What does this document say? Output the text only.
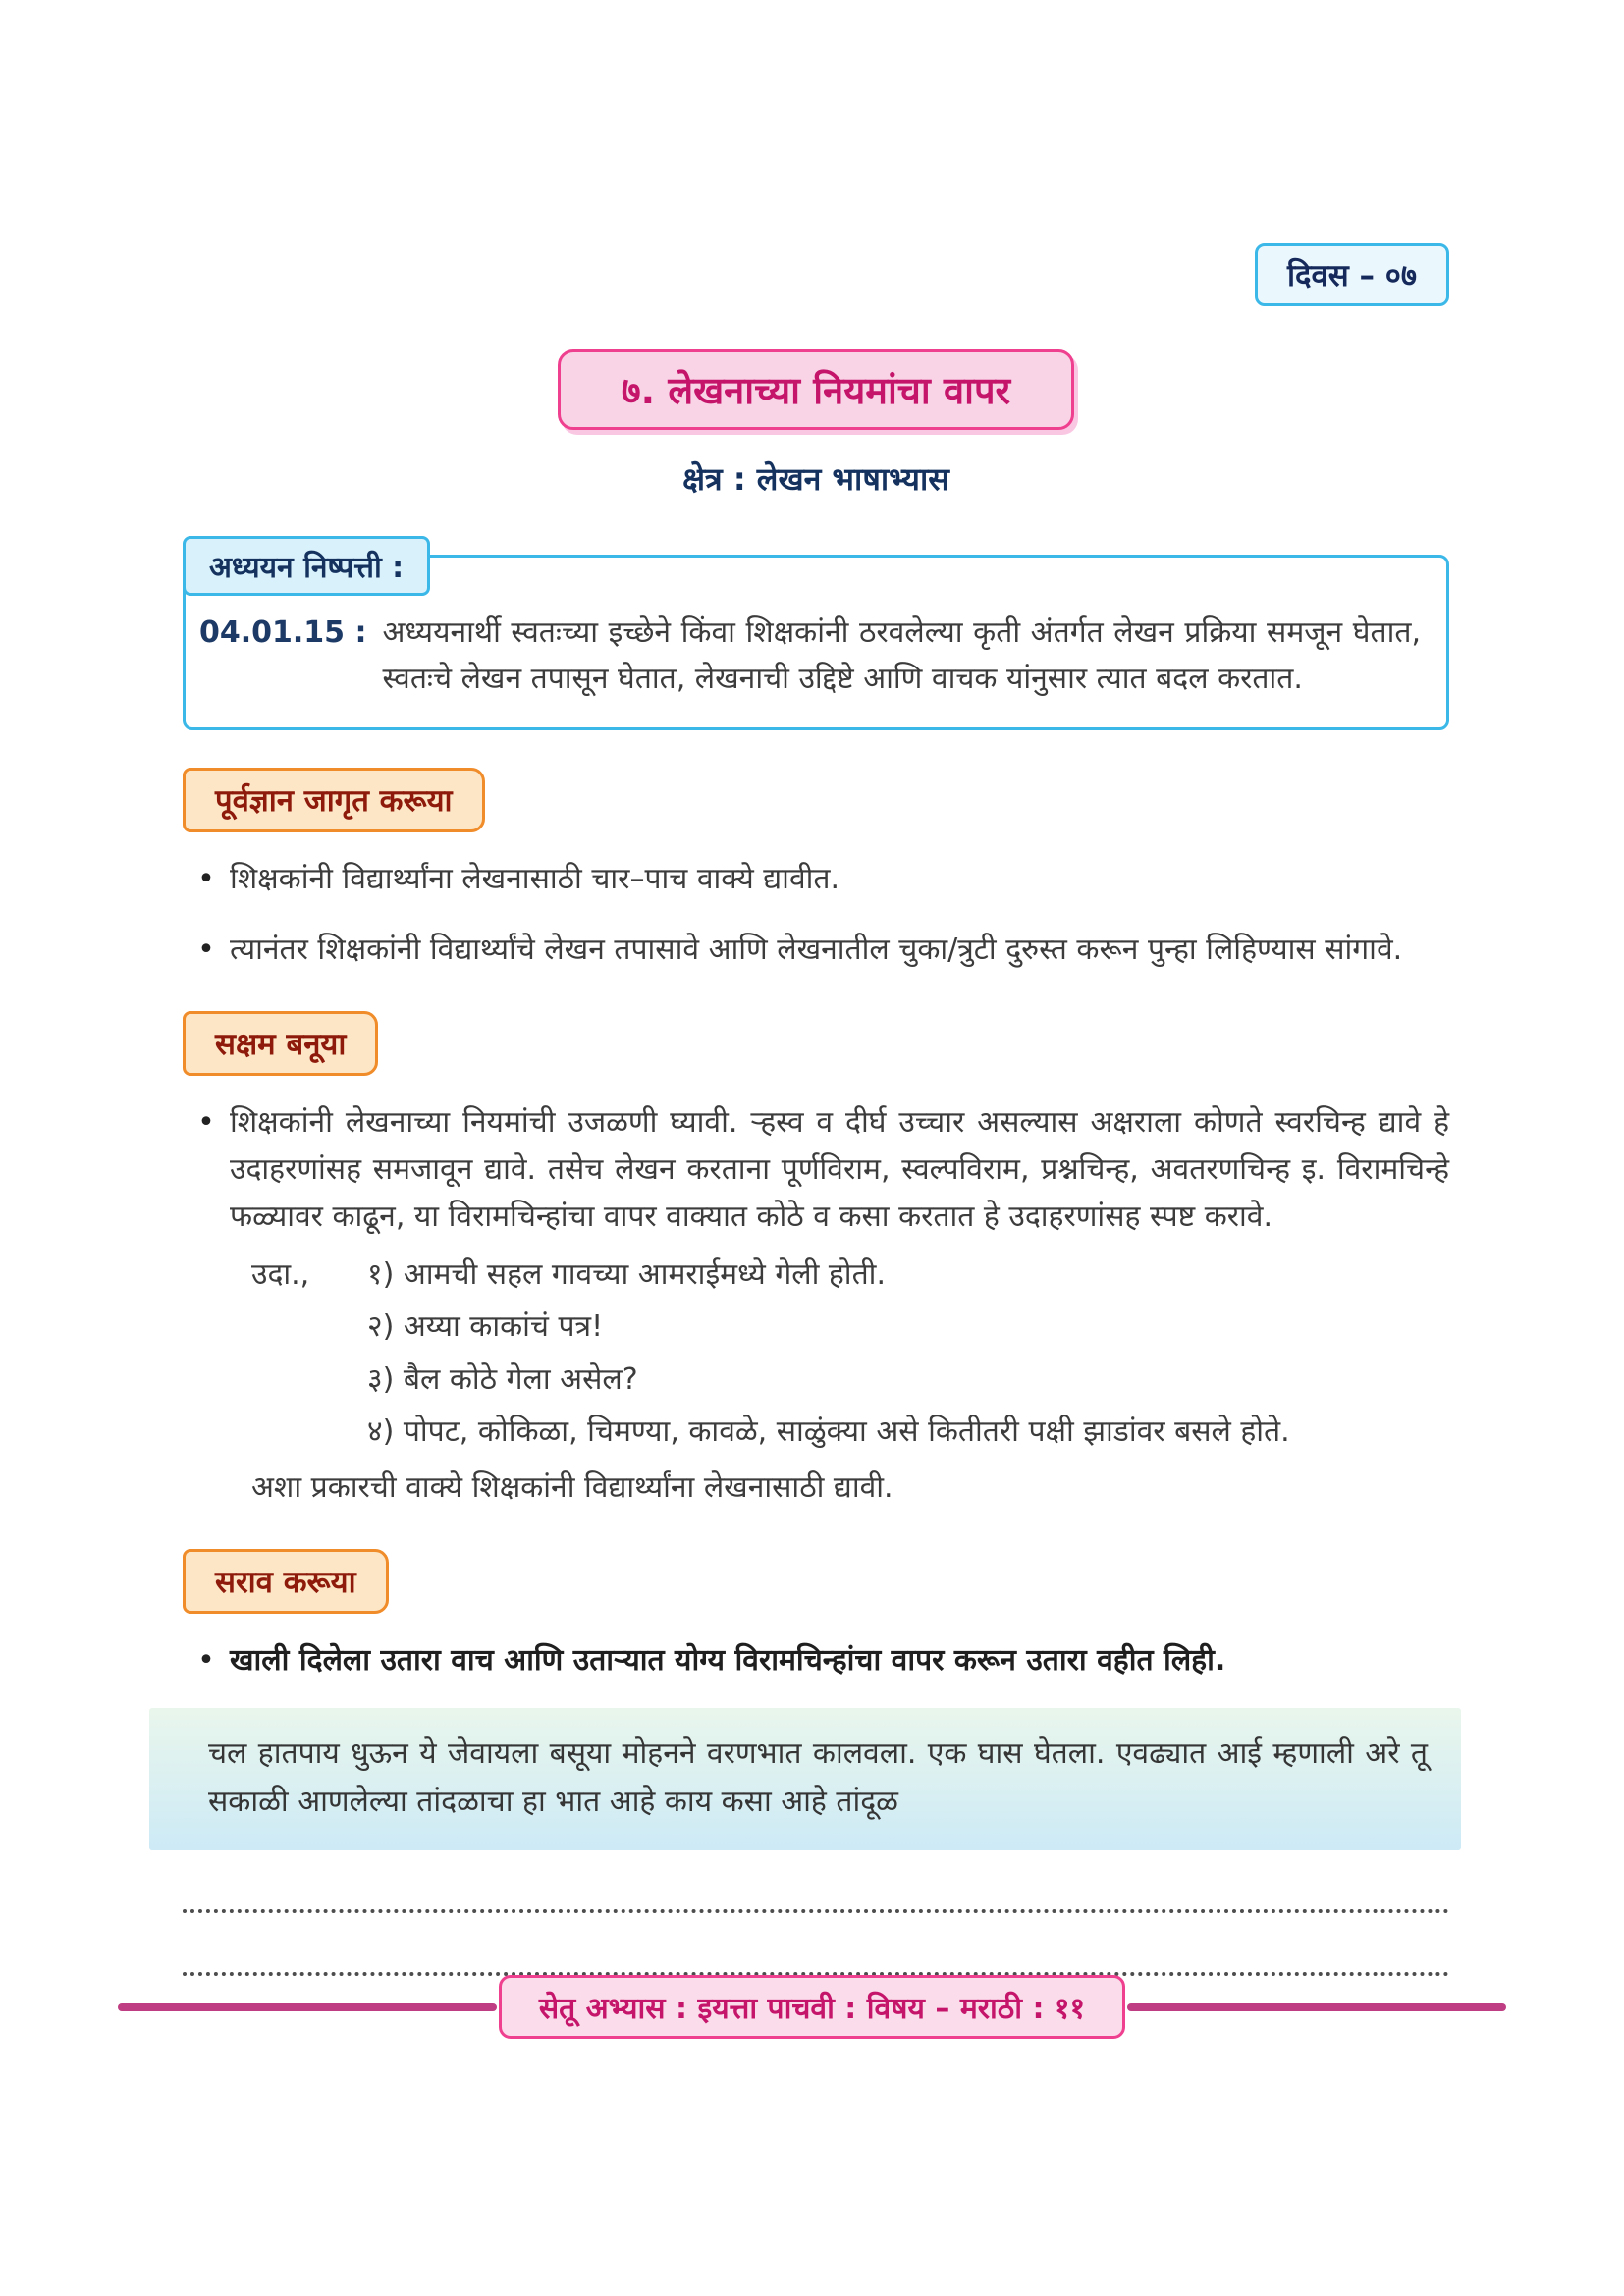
दिवस – ०७
७. लेखनाच्या नियमांचा वापर
क्षेत्र : लेखन भाषाभ्यास
अध्ययन निष्पत्ती :
04.01.15 : अध्ययनार्थी स्वतःच्या इच्छेने किंवा शिक्षकांनी ठरवलेल्या कृती अंतर्गत लेखन प्रक्रिया समजून घेतात, स्वतःचे लेखन तपासून घेतात, लेखनाची उद्दिष्टे आणि वाचक यांनुसार त्यात बदल करतात.
पूर्वज्ञान जागृत करूया
•
शिक्षकांनी विद्यार्थ्यांना लेखनासाठी चार–पाच वाक्ये द्यावीत.
•
त्यानंतर शिक्षकांनी विद्यार्थ्यांचे लेखन तपासावे आणि लेखनातील चुका/त्रुटी दुरुस्त करून पुन्हा लिहिण्यास सांगावे.
सक्षम बनूया
•
शिक्षकांनी लेखनाच्या नियमांची उजळणी घ्यावी. ऱ्हस्व व दीर्घ उच्चार असल्यास अक्षराला कोणते स्वरचिन्ह द्यावे हे उदाहरणांसह समजावून द्यावे. तसेच लेखन करताना पूर्णविराम, स्वल्पविराम, प्रश्नचिन्ह, अवतरणचिन्ह इ. विरामचिन्हे फळ्यावर काढून, या विरामचिन्हांचा वापर वाक्यात कोठे व कसा करतात हे उदाहरणांसह स्पष्ट करावे.
उदा.,	१) आमची सहल गावच्या आमराईमध्ये गेली होती.
२) अय्या काकांचं पत्र!
३) बैल कोठे गेला असेल?
४) पोपट, कोकिळा, चिमण्या, कावळे, साळुंक्या असे कितीतरी पक्षी झाडांवर बसले होते.
अशा प्रकारची वाक्ये शिक्षकांनी विद्यार्थ्यांना लेखनासाठी द्यावी.
सराव करूया
•
खाली दिलेला उतारा वाच आणि उताऱ्यात योग्य विरामचिन्हांचा वापर करून उतारा वहीत लिही.
चल हातपाय धुऊन ये जेवायला बसूया मोहनने वरणभात कालवला. एक घास घेतला. एवढ्यात आई म्हणाली अरे तू सकाळी आणलेल्या तांदळाचा हा भात आहे काय कसा आहे तांदूळ
सेतू अभ्यास : इयत्ता पाचवी : विषय – मराठी : ११
